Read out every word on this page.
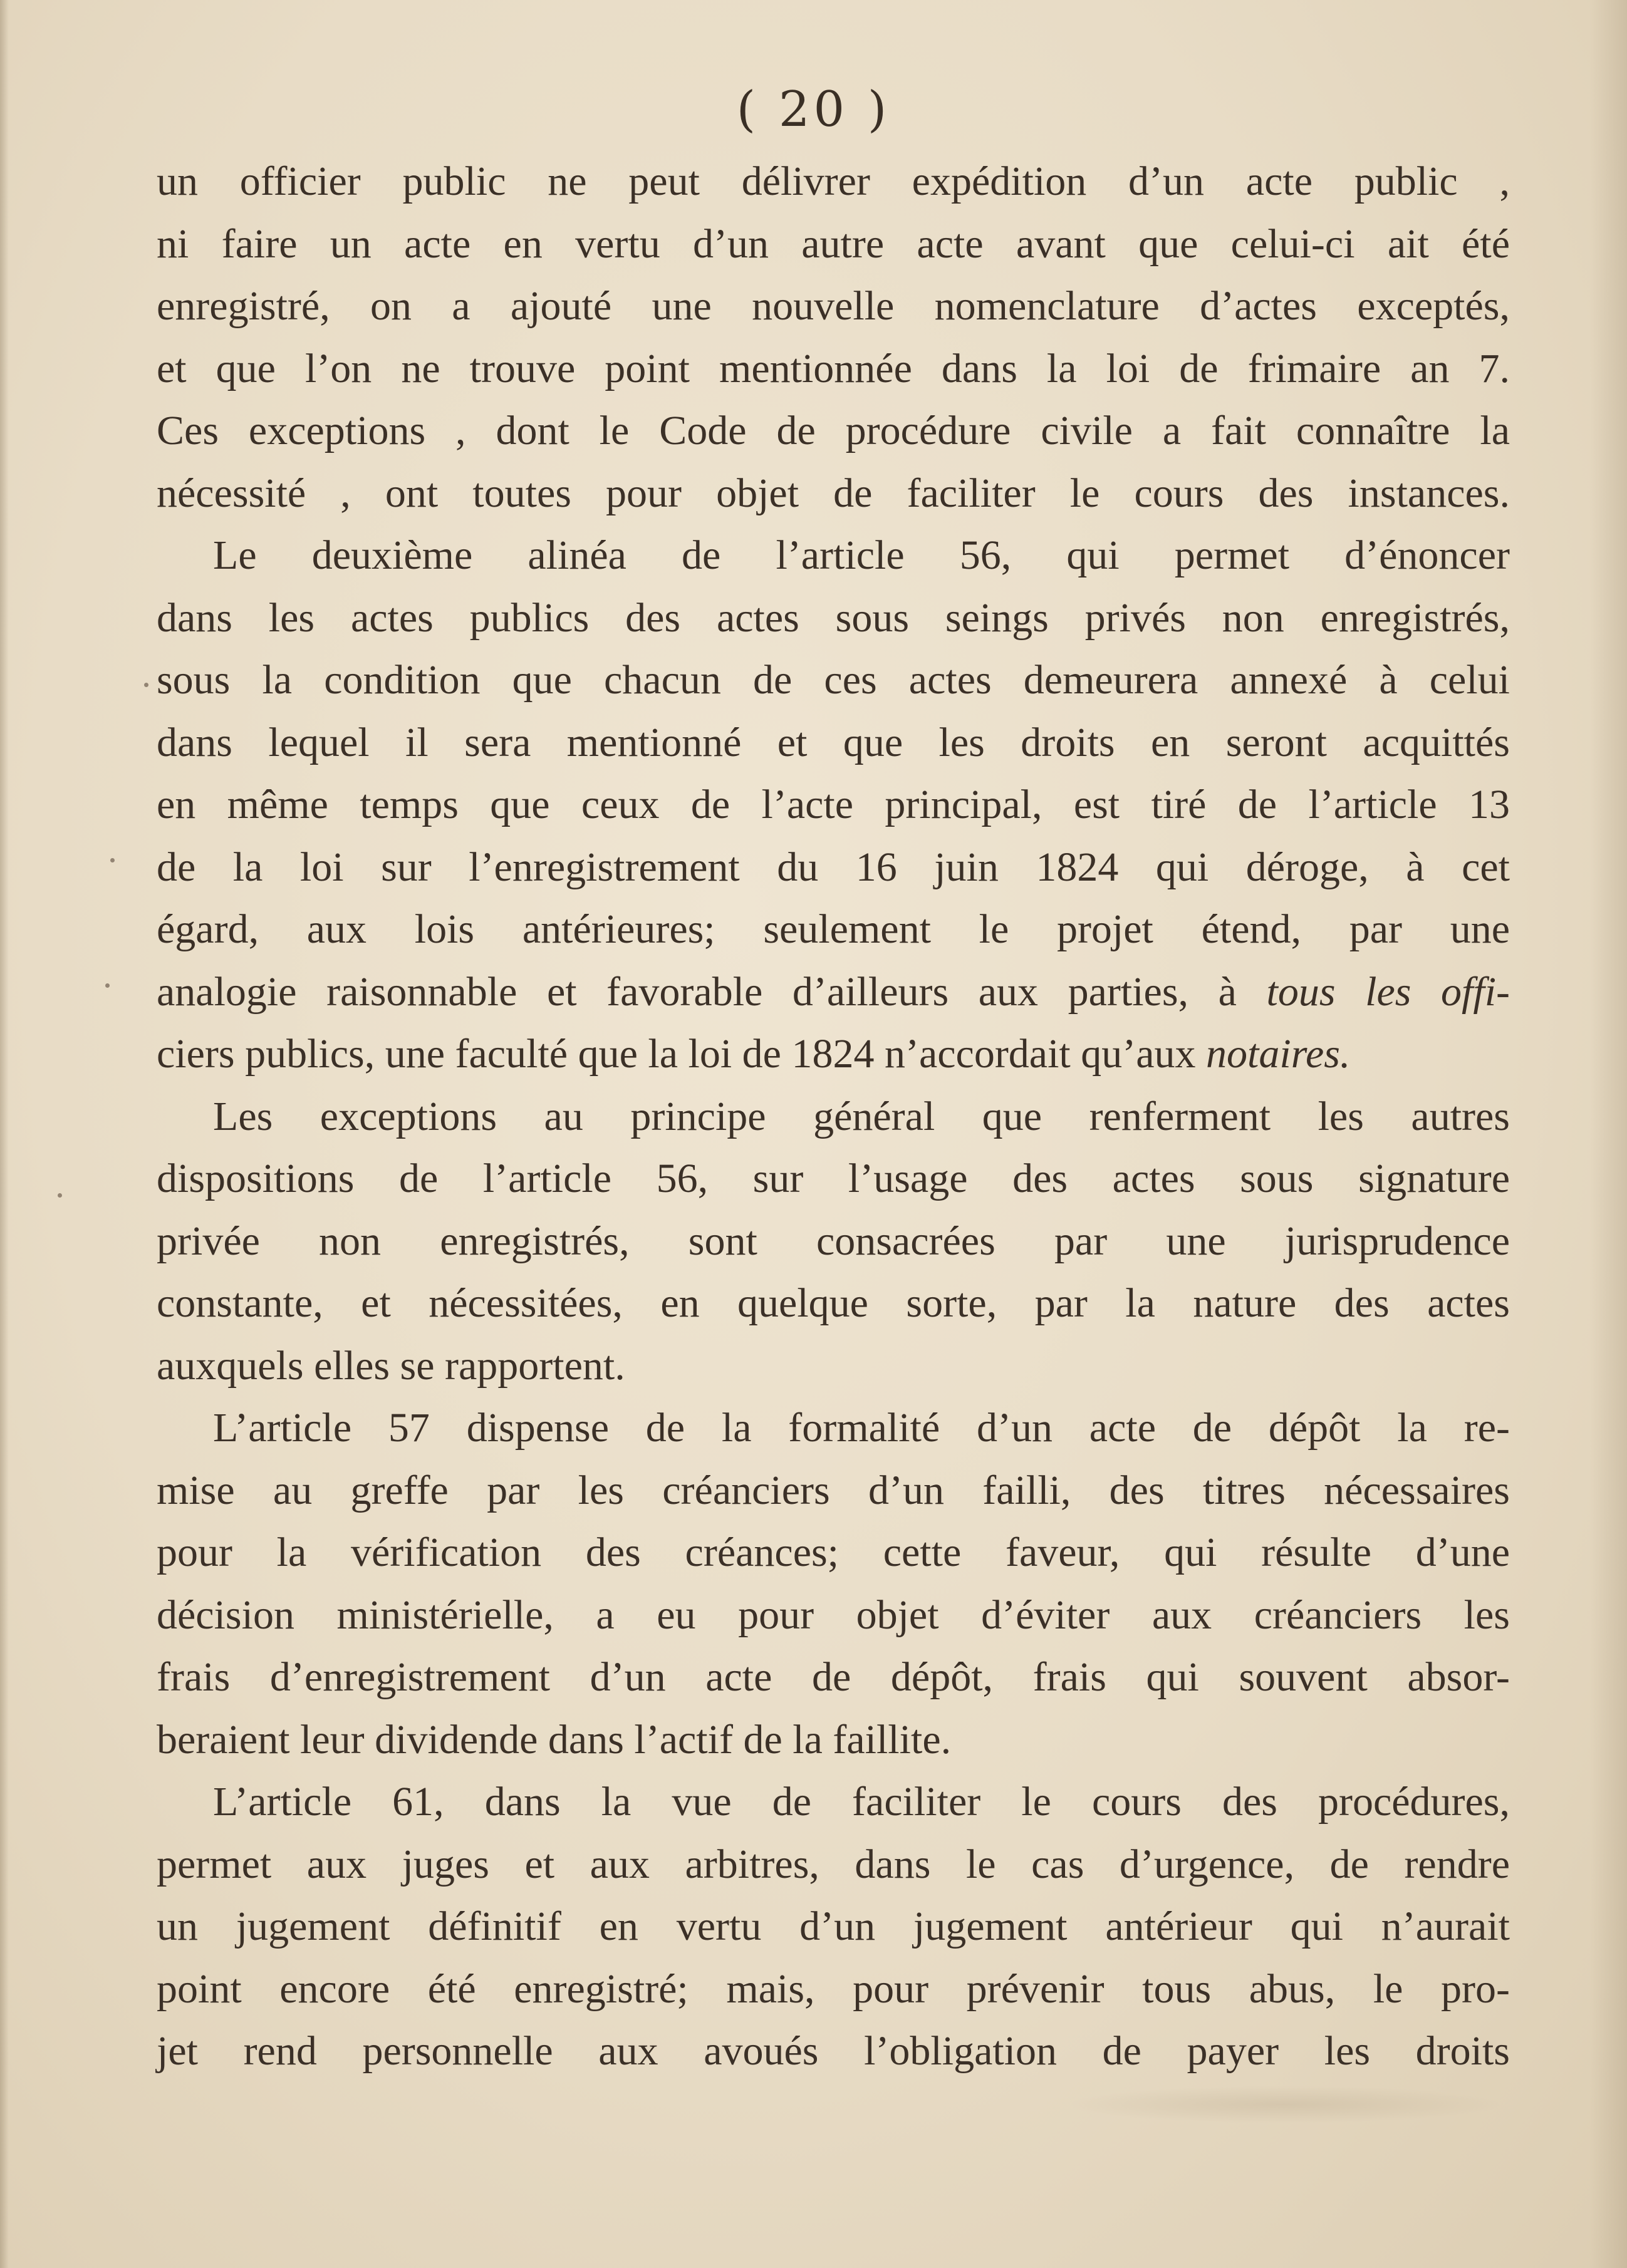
( 20 )
un officier public ne peut délivrer expédition d’un acte public ,
ni faire un acte en vertu d’un autre acte avant que celui-ci ait été
enregistré, on a ajouté une nouvelle nomenclature d’actes exceptés,
et que l’on ne trouve point mentionnée dans la loi de frimaire an 7.
Ces exceptions , dont le Code de procédure civile a fait connaître la
nécessité , ont toutes pour objet de faciliter le cours des instances.
Le deuxième alinéa de l’article 56, qui permet d’énoncer
dans les actes publics des actes sous seings privés non enregistrés,
sous la condition que chacun de ces actes demeurera annexé à celui
dans lequel il sera mentionné et que les droits en seront acquittés
en même temps que ceux de l’acte principal, est tiré de l’article 13
de la loi sur l’enregistrement du 16 juin 1824 qui déroge, à cet
égard, aux lois antérieures; seulement le projet étend, par une
analogie raisonnable et favorable d’ailleurs aux parties, à tous les offi-
ciers publics, une faculté que la loi de 1824 n’accordait qu’aux notaires.
Les exceptions au principe général que renferment les autres
dispositions de l’article 56, sur l’usage des actes sous signature
privée non enregistrés, sont consacrées par une jurisprudence
constante, et nécessitées, en quelque sorte, par la nature des actes
auxquels elles se rapportent.
L’article 57 dispense de la formalité d’un acte de dépôt la re-
mise au greffe par les créanciers d’un failli, des titres nécessaires
pour la vérification des créances; cette faveur, qui résulte d’une
décision ministérielle, a eu pour objet d’éviter aux créanciers les
frais d’enregistrement d’un acte de dépôt, frais qui souvent absor-
beraient leur dividende dans l’actif de la faillite.
L’article 61, dans la vue de faciliter le cours des procédures,
permet aux juges et aux arbitres, dans le cas d’urgence, de rendre
un jugement définitif en vertu d’un jugement antérieur qui n’aurait
point encore été enregistré; mais, pour prévenir tous abus, le pro-
jet rend personnelle aux avoués l’obligation de payer les droits
